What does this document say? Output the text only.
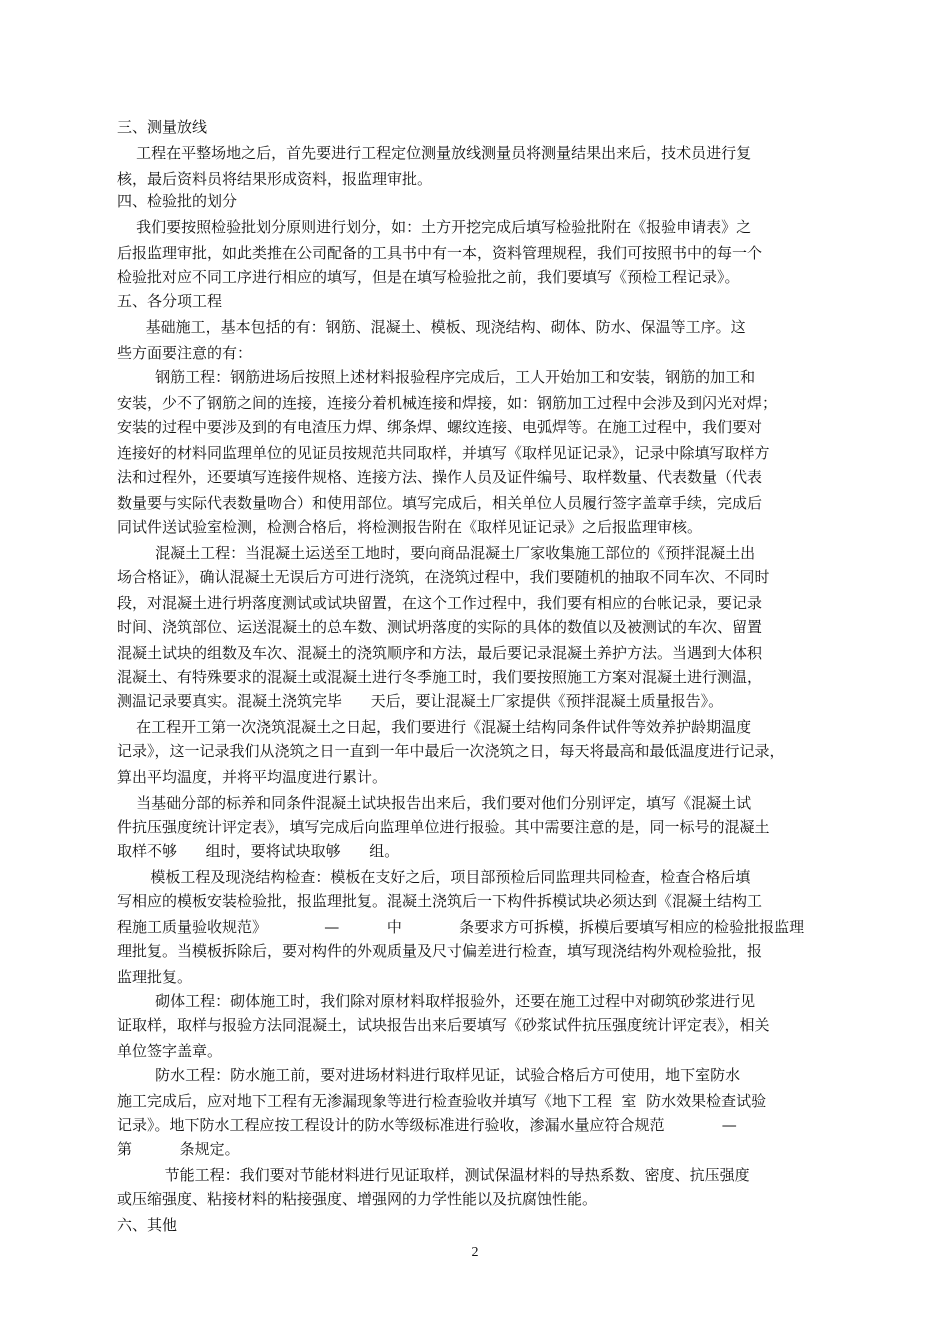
三、测量放线
工程在平整场地之后，首先要进行工程定位测量放线测量员将测量结果出来后，技术员进行复
核，最后资料员将结果形成资料，报监理审批。
四、检验批的划分
我们要按照检验批划分原则进行划分，如：土方开挖完成后填写检验批附在《报验申请表》之
后报监理审批，如此类推在公司配备的工具书中有一本，资料管理规程，我们可按照书中的每一个
检验批对应不同工序进行相应的填写，但是在填写检验批之前，我们要填写《预检工程记录》。
五、各分项工程
基础施工，基本包括的有：钢筋、混凝土、模板、现浇结构、砌体、防水、保温等工序。这
些方面要注意的有：
钢筋工程：钢筋进场后按照上述材料报验程序完成后，工人开始加工和安装，钢筋的加工和
安装，少不了钢筋之间的连接，连接分着机械连接和焊接，如：钢筋加工过程中会涉及到闪光对焊；
安装的过程中要涉及到的有电渣压力焊、绑条焊、螺纹连接、电弧焊等。在施工过程中，我们要对
连接好的材料同监理单位的见证员按规范共同取样，并填写《取样见证记录》，记录中除填写取样方
法和过程外，还要填写连接件规格、连接方法、操作人员及证件编号、取样数量、代表数量（代表
数量要与实际代表数量吻合）和使用部位。填写完成后，相关单位人员履行签字盖章手续，完成后
同试件送试验室检测，检测合格后，将检测报告附在《取样见证记录》之后报监理审核。
混凝土工程：当混凝土运送至工地时，要向商品混凝土厂家收集施工部位的《预拌混凝土出
场合格证》，确认混凝土无误后方可进行浇筑，在浇筑过程中，我们要随机的抽取不同车次、不同时
段，对混凝土进行坍落度测试或试块留置，在这个工作过程中，我们要有相应的台帐记录，要记录
时间、浇筑部位、运送混凝土的总车数、测试坍落度的实际的具体的数值以及被测试的车次、留置
混凝土试块的组数及车次、混凝土的浇筑顺序和方法，最后要记录混凝土养护方法。当遇到大体积
混凝土、有特殊要求的混凝土或混凝土进行冬季施工时，我们要按照施工方案对混凝土进行测温，
测温记录要真实。混凝土浇筑完毕      天后，要让混凝土厂家提供《预拌混凝土质量报告》。
在工程开工第一次浇筑混凝土之日起，我们要进行《混凝土结构同条件试件等效养护龄期温度
记录》，这一记录我们从浇筑之日一直到一年中最后一次浇筑之日，每天将最高和最低温度进行记录，
算出平均温度，并将平均温度进行累计。
当基础分部的标养和同条件混凝土试块报告出来后，我们要对他们分别评定，填写《混凝土试
件抗压强度统计评定表》，填写完成后向监理单位进行报验。其中需要注意的是，同一标号的混凝土
取样不够      组时，要将试块取够      组。
模板工程及现浇结构检查：模板在支好之后，项目部预检后同监理共同检查，检查合格后填
写相应的模板安装检验批，报监理批复。混凝土浇筑后一下构件拆模试块必须达到《混凝土结构工
程施工质量验收规范》            —          中            条要求方可拆模，拆模后要填写相应的检验批报监理
理批复。当模板拆除后，要对构件的外观质量及尺寸偏差进行检查，填写现浇结构外观检验批，报
监理批复。
砌体工程：砌体施工时，我们除对原材料取样报验外，还要在施工过程中对砌筑砂浆进行见
证取样，取样与报验方法同混凝土，试块报告出来后要填写《砂浆试件抗压强度统计评定表》，相关
单位签字盖章。
防水工程：防水施工前，要对进场材料进行取样见证，试验合格后方可使用，地下室防水
施工完成后，应对地下工程有无渗漏现象等进行检查验收并填写《地下工程  室  防水效果检查试验
记录》。地下防水工程应按工程设计的防水等级标准进行验收，渗漏水量应符合规范            —
第          条规定。
节能工程：我们要对节能材料进行见证取样，测试保温材料的导热系数、密度、抗压强度
或压缩强度、粘接材料的粘接强度、增强网的力学性能以及抗腐蚀性能。
六、其他
2
